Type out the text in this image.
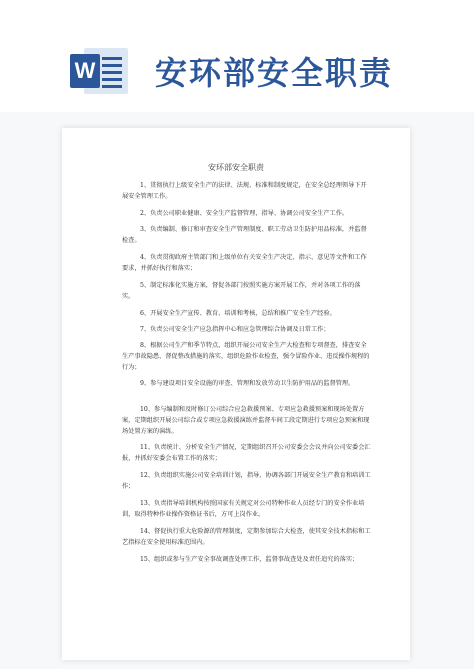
W 安环部安全职责
安环部安全职责

1、贯彻执行上级安全生产的法律、法规、标准和制度规定，在安全总经理领导下开展安全管理工作。

2、负责公司职业健康、安全生产监督管理，指导、协调公司安全生产工作。

3、负责编制、修订和审查安全生产管理制度、职工劳动卫生防护用品标准，并监督检查。

4、负责贯彻政府主管部门和上级单位有关安全生产决定、指示、意见等文件和工作要求，并抓好执行和落实；

5、制定标准化实施方案，督促各部门按照实施方案开展工作，并对各项工作的落实。

6、开展安全生产宣传、教育、培训和考核，总结和推广安全生产经验。

7、负责公司安全生产应急指挥中心和应急管理综合协调及日常工作；

8、根据公司生产和季节特点，组织开展公司安全生产大检查和专项督查，排查安全生产事故隐患，督促整改措施的落实，组织危险作业检查，强令冒险作业、违反操作规程的行为；

9、参与建设项目安全设施的审查、管理和发放劳动卫生防护用品的监督管理。

10、参与编制和及时修订公司综合应急救援预案、专项应急救援预案和现场处置方案，定期组织开展公司综合或专项应急救援演练并监督车间工段定期进行专项应急预案和现场处置方案的演练。

11、负责统计、分析安全生产情况，定期组织召开公司安委会会议并向公司安委会汇报，并抓好安委会布置工作的落实；

12、负责组织实施公司安全培训计划，指导、协调各部门开展安全生产教育和培训工作；

13、负责指导培训机构按照国家有关规定对公司特种作业人员经专门的安全作业培训，取得特种作业操作资格证书后，方可上岗作业。

14、督促执行重大危险源的管理制度，定期参加综合大检查，使其安全技术指标和工艺指标在安全使用标准范围内。

15、组织或参与生产安全事故调查处理工作，监督事故查处及责任追究的落实；
